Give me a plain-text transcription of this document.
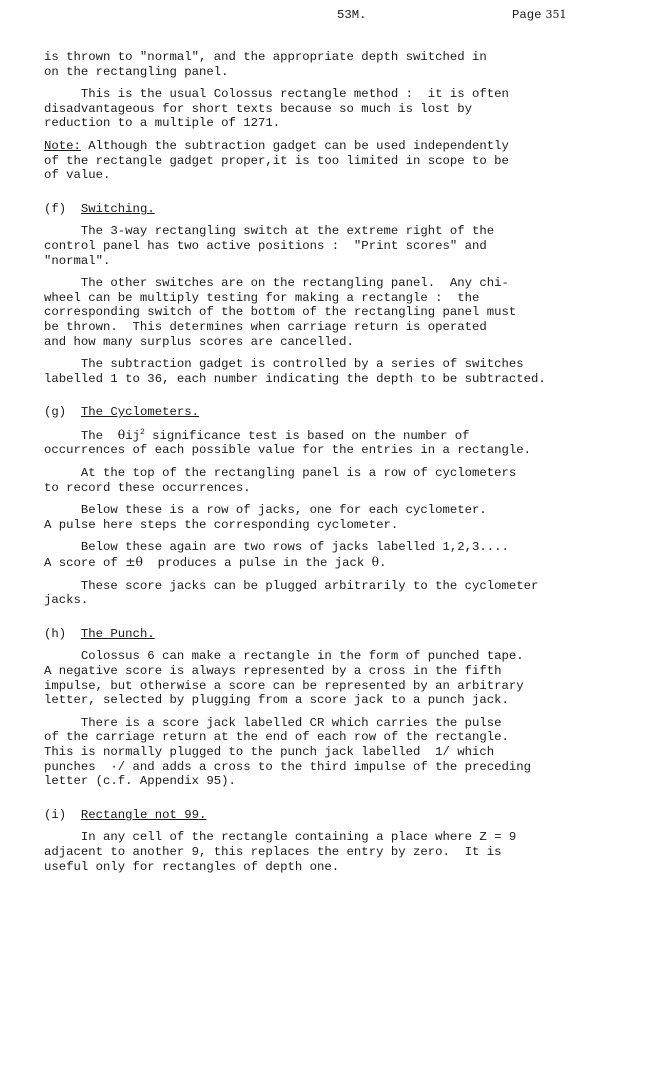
53M.	Page 351

is thrown to "normal", and the appropriate depth switched in
on the rectangling panel.

This is the usual Colossus rectangle method :  it is often
disadvantageous for short texts because so much is lost by
reduction to a multiple of 1271.

Note: Although the subtraction gadget can be used independently
of the rectangle gadget proper,it is too limited in scope to be
of value.

(f)  Switching.

The 3-way rectangling switch at the extreme right of the
control panel has two active positions :  "Print scores" and
"normal".

The other switches are on the rectangling panel.  Any chi-
wheel can be multiply testing for making a rectangle :  the
corresponding switch of the bottom of the rectangling panel must
be thrown.  This determines when carriage return is operated
and how many surplus scores are cancelled.

The subtraction gadget is controlled by a series of switches
labelled 1 to 36, each number indicating the depth to be subtracted.

(g)  The Cyclometers.

The  θij$^2$ significance test is based on the number of
occurrences of each possible value for the entries in a rectangle.

At the top of the rectangling panel is a row of cyclometers
to record these occurrences.

Below these is a row of jacks, one for each cyclometer.
A pulse here steps the corresponding cyclometer.

Below these again are two rows of jacks labelled 1,2,3....
A score of ±θ  produces a pulse in the jack θ.

These score jacks can be plugged arbitrarily to the cyclometer
jacks.

(h)  The Punch.

Colossus 6 can make a rectangle in the form of punched tape.
A negative score is always represented by a cross in the fifth
impulse, but otherwise a score can be represented by an arbitrary
letter, selected by plugging from a score jack to a punch jack.

There is a score jack labelled CR which carries the pulse
of the carriage return at the end of each row of the rectangle.
This is normally plugged to the punch jack labelled  1/ which
punches  ·/ and adds a cross to the third impulse of the preceding
letter (c.f. Appendix 95).

(i)  Rectangle not 99.

In any cell of the rectangle containing a place where Z = 9
adjacent to another 9, this replaces the entry by zero.  It is
useful only for rectangles of depth one.
